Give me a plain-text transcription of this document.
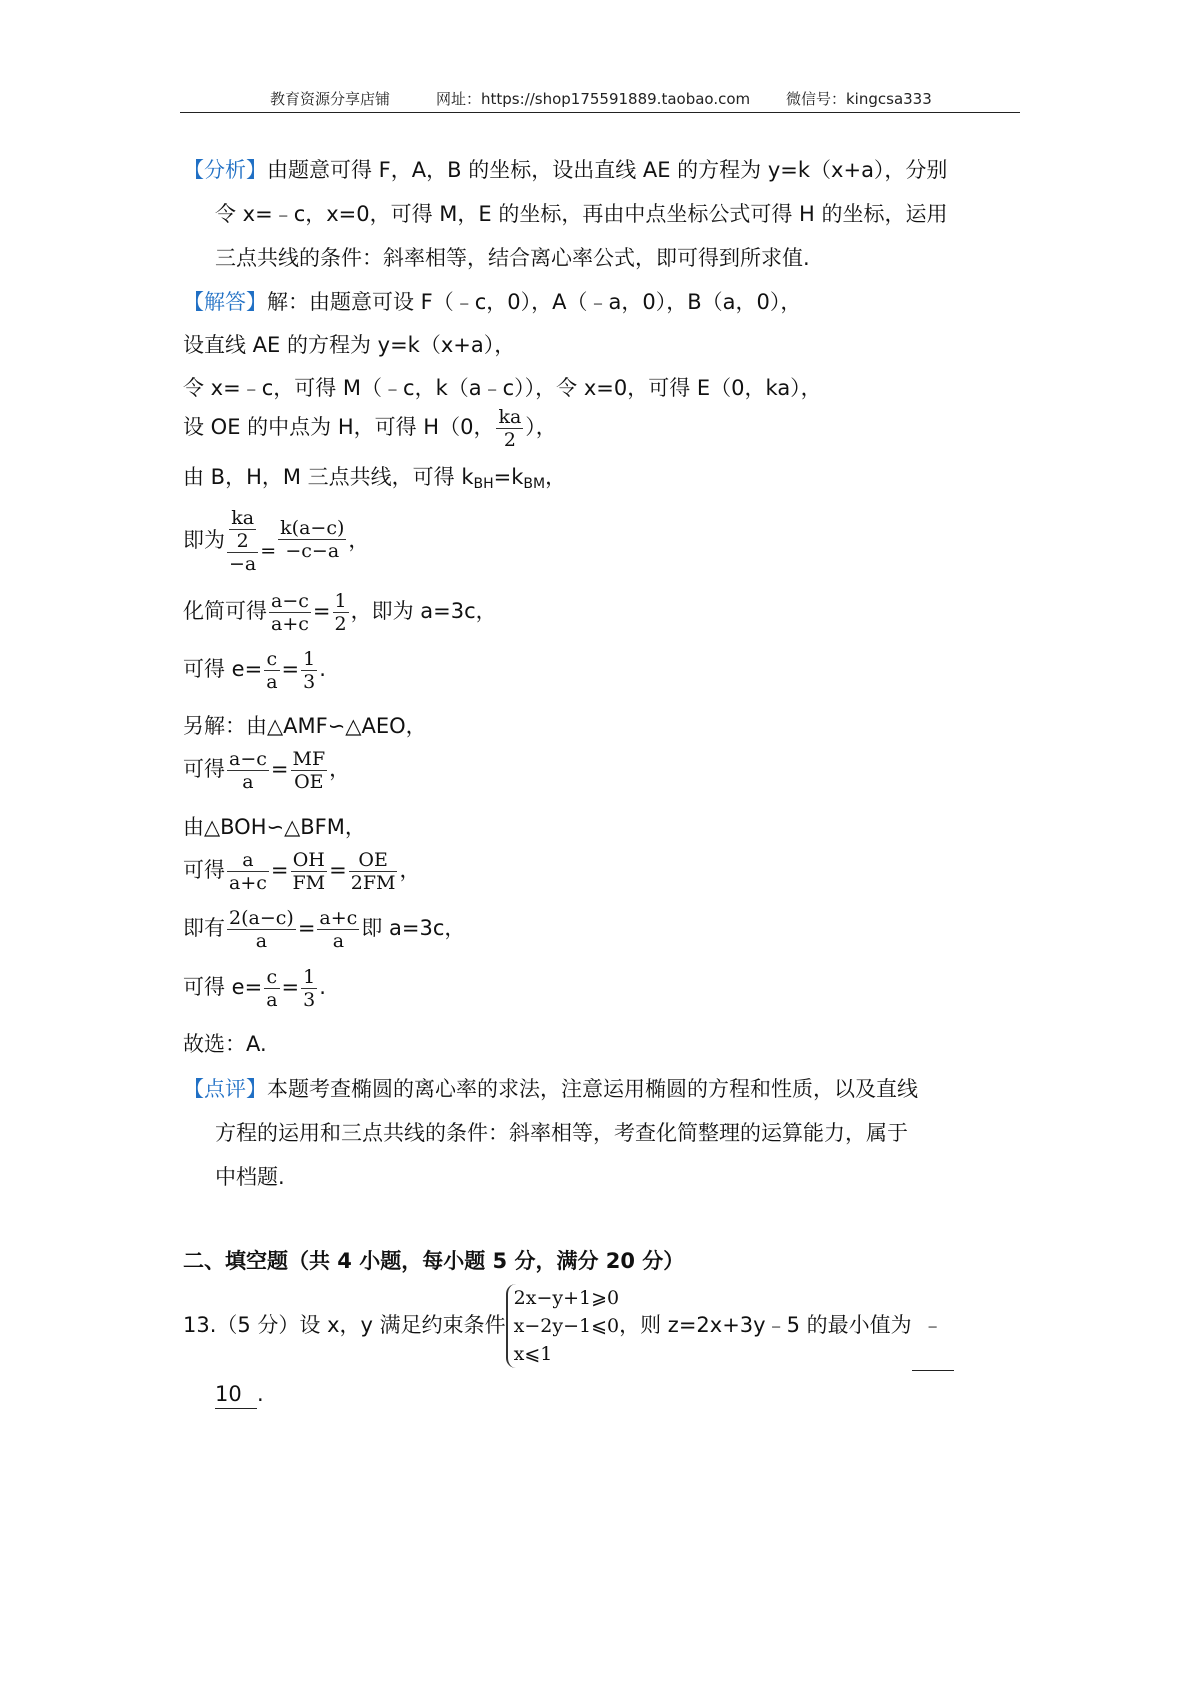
教育资源分享店铺	网址：https://shop175591889.taobao.com 微信号：kingcsa333
【分析】由题意可得 F，A，B 的坐标，设出直线 AE 的方程为 y=k（x+a），分别
令 x=﹣c，x=0，可得 M，E 的坐标，再由中点坐标公式可得 H 的坐标，运用
三点共线的条件：斜率相等，结合离心率公式，即可得到所求值.
【解答】解：由题意可设 F（﹣c，0），A（﹣a，0），B（a，0），
设直线 AE 的方程为 y=k（x+a），
令 x=﹣c，可得 M（﹣c，k（a﹣c）），令 x=0，可得 E（0，ka），
设 OE 的中点为 H，可得 H（0， $\frac{ka}{2}$ ），
由 B，H，M 三点共线，可得 $k_{BH}=k_{BM}$，
即为 $\frac{\frac{ka}{2}}{-a} = \frac{k(a-c)}{-c-a}$ ，
化简可得 $\frac{a-c}{a+c} = \frac{1}{2}$ ，即为 a=3c，
可得 $e= \frac{c}{a} = \frac{1}{3}$ .
另解：由△AMF∽△AEO，
可得 $\frac{a-c}{a} = \frac{MF}{OE}$ ，
由△BOH∽△BFM，
可得 $\frac{a}{a+c} = \frac{OH}{FM} = \frac{OE}{2FM}$ ，
即有 $\frac{2(a-c)}{a} = \frac{a+c}{a}$ 即 a=3c，
可得 $e= \frac{c}{a} = \frac{1}{3}$ .
故选：A.
【点评】本题考查椭圆的离心率的求法，注意运用椭圆的方程和性质，以及直线
方程的运用和三点共线的条件：斜率相等，考查化简整理的运算能力，属于
中档题.
二、填空题（共 4 小题，每小题 5 分，满分 20 分）
13.（5 分）设 x，y 满足约束条件
2x−y+1⩾0
x−2y−1⩽0
x⩽1
，则 z=2x+3y﹣5 的最小值为 ﹣
10 .
